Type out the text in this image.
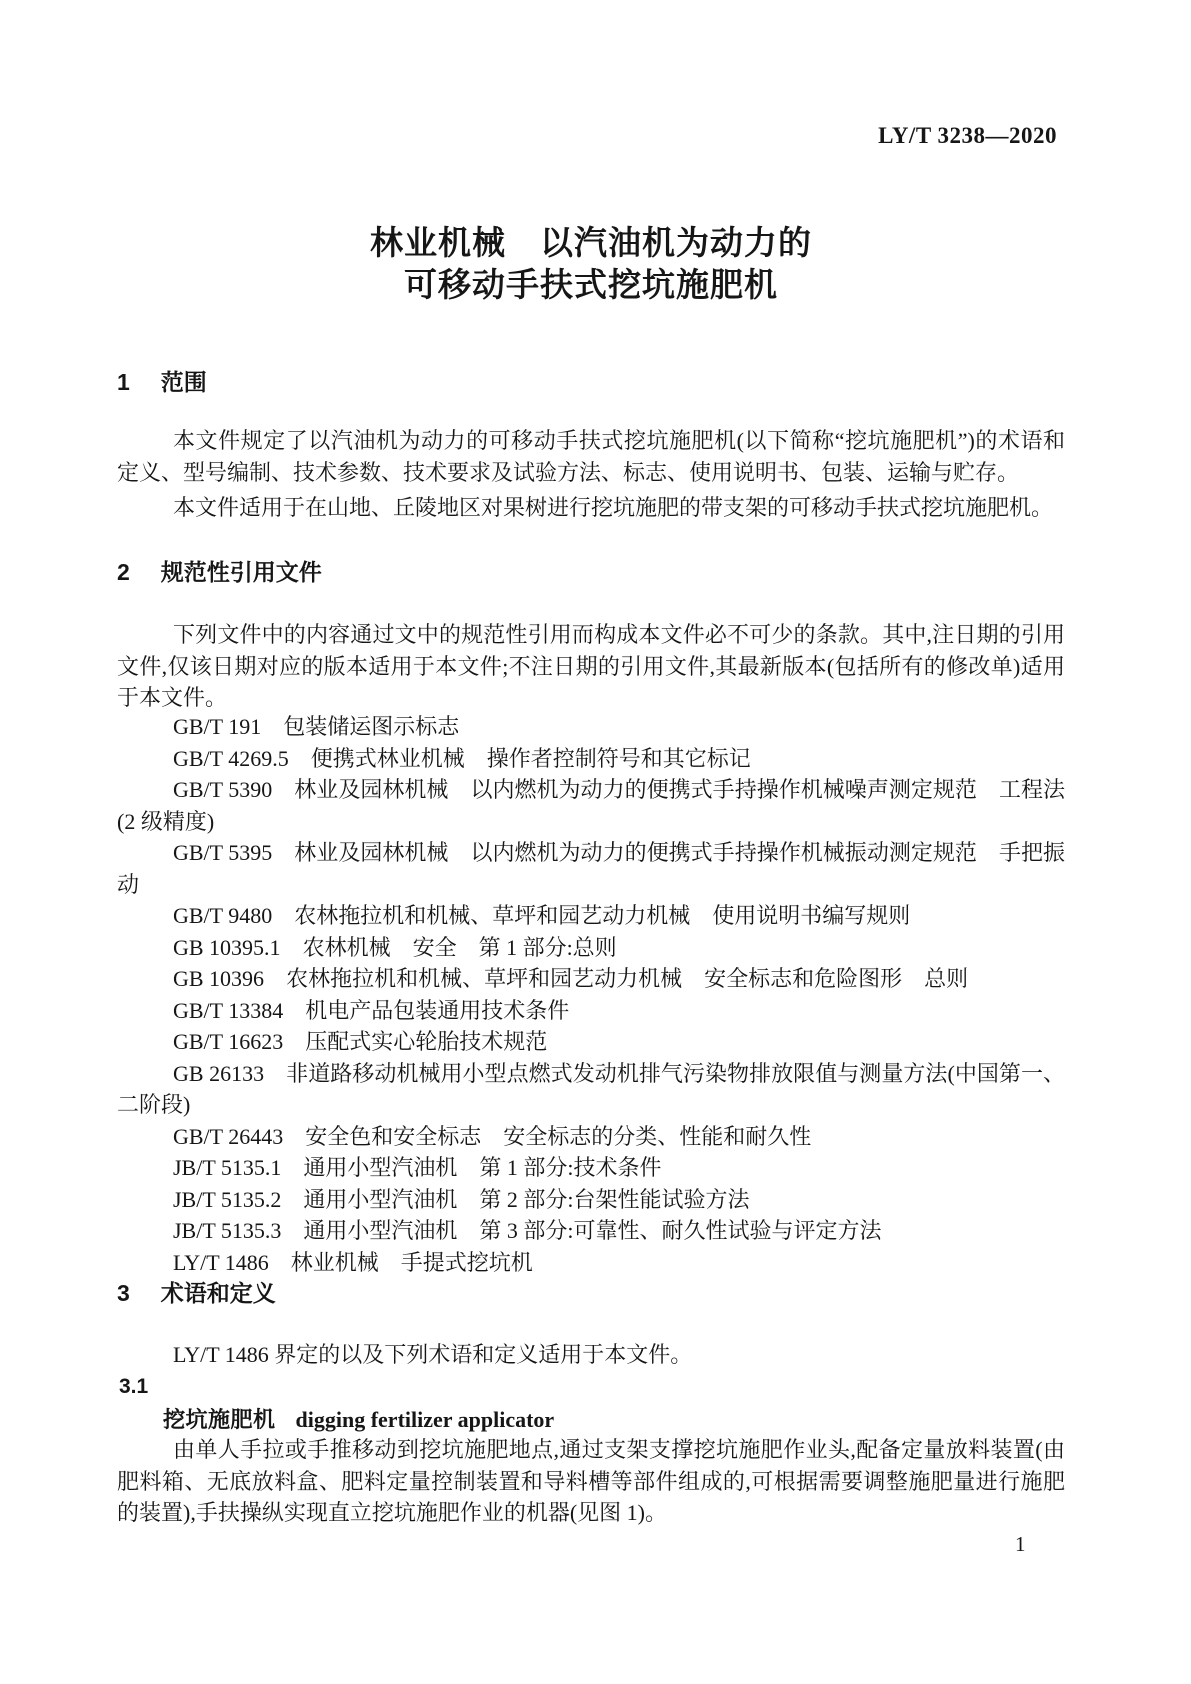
LY/T 3238—2020
林业机械　以汽油机为动力的
可移动手扶式挖坑施肥机
1 范围

本文件规定了以汽油机为动力的可移动手扶式挖坑施肥机(以下简称“挖坑施肥机”)的术语和定义、型号编制、技术参数、技术要求及试验方法、标志、使用说明书、包装、运输与贮存。

本文件适用于在山地、丘陵地区对果树进行挖坑施肥的带支架的可移动手扶式挖坑施肥机。

2 规范性引用文件

下列文件中的内容通过文中的规范性引用而构成本文件必不可少的条款。其中,注日期的引用文件,仅该日期对应的版本适用于本文件;不注日期的引用文件,其最新版本(包括所有的修改单)适用于本文件。

GB/T 191 包装储运图示标志

GB/T 4269.5 便携式林业机械　操作者控制符号和其它标记

GB/T 5390 林业及园林机械　以内燃机为动力的便携式手持操作机械噪声测定规范　工程法(2 级精度)

GB/T 5395 林业及园林机械　以内燃机为动力的便携式手持操作机械振动测定规范　手把振动

GB/T 9480 农林拖拉机和机械、草坪和园艺动力机械　使用说明书编写规则

GB 10395.1 农林机械　安全　第 1 部分:总则

GB 10396 农林拖拉机和机械、草坪和园艺动力机械　安全标志和危险图形　总则

GB/T 13384 机电产品包装通用技术条件

GB/T 16623 压配式实心轮胎技术规范

GB 26133 非道路移动机械用小型点燃式发动机排气污染物排放限值与测量方法(中国第一、二阶段)

GB/T 26443 安全色和安全标志　安全标志的分类、性能和耐久性

JB/T 5135.1 通用小型汽油机　第 1 部分:技术条件

JB/T 5135.2 通用小型汽油机　第 2 部分:台架性能试验方法

JB/T 5135.3 通用小型汽油机　第 3 部分:可靠性、耐久性试验与评定方法

LY/T 1486 林业机械　手提式挖坑机

3 术语和定义

LY/T 1486 界定的以及下列术语和定义适用于本文件。

3.1

挖坑施肥机 digging fertilizer applicator

由单人手拉或手推移动到挖坑施肥地点,通过支架支撑挖坑施肥作业头,配备定量放料装置(由肥料箱、无底放料盒、肥料定量控制装置和导料槽等部件组成的,可根据需要调整施肥量进行施肥的装置),手扶操纵实现直立挖坑施肥作业的机器(见图 1)。

1
